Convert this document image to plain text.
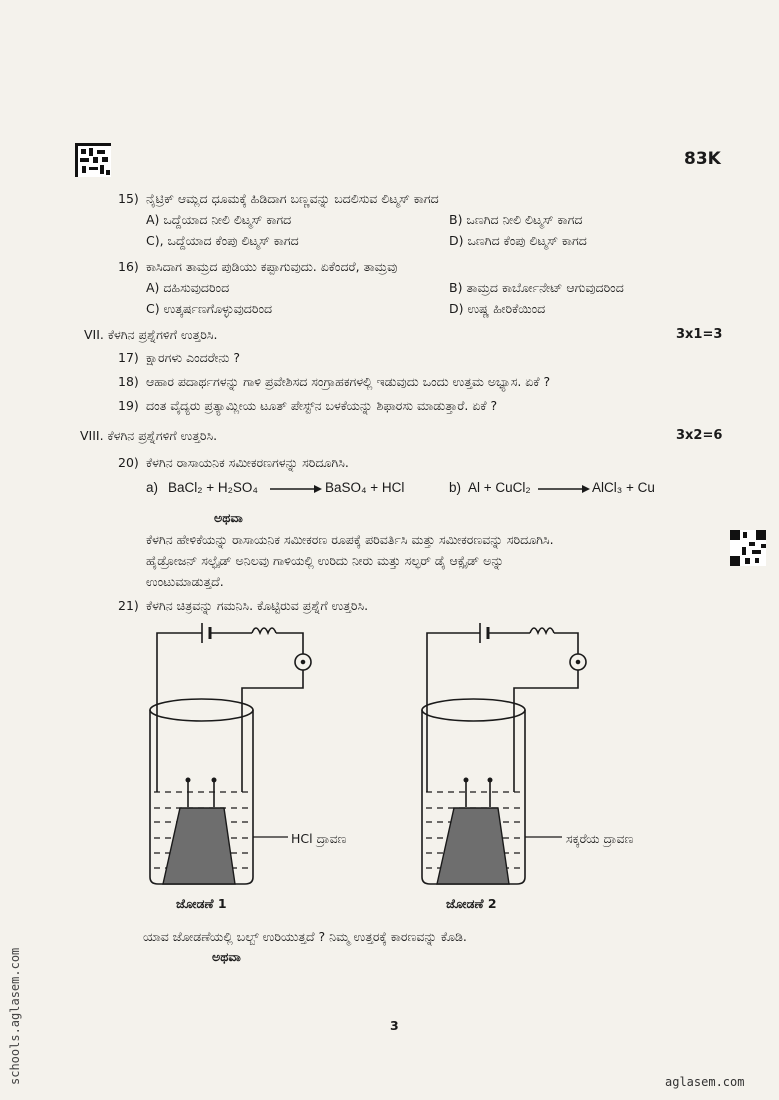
83K
15) ನೈಟ್ರಿಕ್ ಆಮ್ಲದ ಧೂಮಕ್ಕೆ ಹಿಡಿದಾಗ ಬಣ್ಣವನ್ನು ಬದಲಿಸುವ ಲಿಟ್ಮಸ್ ಕಾಗದ
A) ಒದ್ದೆಯಾದ ನೀಲಿ ಲಿಟ್ಮಸ್ ಕಾಗದ	B) ಒಣಗಿದ ನೀಲಿ ಲಿಟ್ಮಸ್ ಕಾಗದ
C), ಒದ್ದೆಯಾದ ಕೆಂಪು ಲಿಟ್ಮಸ್ ಕಾಗದ	D) ಒಣಗಿದ ಕೆಂಪು ಲಿಟ್ಮಸ್ ಕಾಗದ
16) ಕಾಸಿದಾಗ ತಾಮ್ರದ ಪುಡಿಯು ಕಪ್ಪಾಗುವುದು. ಏಕೆಂದರೆ, ತಾಮ್ರವು
A) ದಹಿಸುವುದರಿಂದ	B) ತಾಮ್ರದ ಕಾರ್ಬೋನೇಟ್ ಆಗುವುದರಿಂದ
C) ಉತ್ಕರ್ಷಣಗೊಳ್ಳುವುದರಿಂದ	D) ಉಷ್ಣ ಹೀರಿಕೆಯಿಂದ
VII. ಕೆಳಗಿನ ಪ್ರಶ್ನೆಗಳಿಗೆ ಉತ್ತರಿಸಿ.	3x1=3
17) ಕ್ಷಾರಗಳು ಎಂದರೇನು ?
18) ಆಹಾರ ಪದಾರ್ಥಗಳನ್ನು ಗಾಳಿ ಪ್ರವೇಶಿಸದ ಸಂಗ್ರಾಹಕಗಳಲ್ಲಿ ಇಡುವುದು ಒಂದು ಉತ್ತಮ ಅಭ್ಯಾಸ. ಏಕೆ ?
19) ದಂತ ವೈದ್ಯರು ಪ್ರತ್ಯಾಮ್ಲೀಯ ಟೂತ್ ಪೇಸ್ಟ್‌ನ ಬಳಕೆಯನ್ನು ಶಿಫಾರಸು ಮಾಡುತ್ತಾರೆ. ಏಕೆ ?
VIII. ಕೆಳಗಿನ ಪ್ರಶ್ನೆಗಳಿಗೆ ಉತ್ತರಿಸಿ.	3x2=6
20) ಕೆಳಗಿನ ರಾಸಾಯನಿಕ ಸಮೀಕರಣಗಳನ್ನು ಸರಿದೂಗಿಸಿ.
a) BaCl₂ + H₂SO₄ → BaSO₄ + HCl	b) Al + CuCl₂ → AlCl₃ + Cu
ಅಥವಾ
ಕೆಳಗಿನ ಹೇಳಿಕೆಯನ್ನು ರಾಸಾಯನಿಕ ಸಮೀಕರಣ ರೂಪಕ್ಕೆ ಪರಿವರ್ತಿಸಿ ಮತ್ತು ಸಮೀಕರಣವನ್ನು ಸರಿದೂಗಿಸಿ.
ಹೈಡ್ರೋಜನ್ ಸಲ್ಫೈಡ್ ಅನಿಲವು ಗಾಳಿಯಲ್ಲಿ ಉರಿದು ನೀರು ಮತ್ತು ಸಲ್ಫರ್ ಡೈ ಆಕ್ಸೈಡ್ ಅನ್ನು
ಉಂಟುಮಾಡುತ್ತದೆ.
21) ಕೆಳಗಿನ ಚಿತ್ರವನ್ನು ಗಮನಿಸಿ. ಕೊಟ್ಟಿರುವ ಪ್ರಶ್ನೆಗೆ ಉತ್ತರಿಸಿ.
HCl ದ್ರಾವಣ
ಜೋಡಣೆ 1
ಸಕ್ಕರೆಯ ದ್ರಾವಣ
ಜೋಡಣೆ 2
ಯಾವ ಜೋಡಣೆಯಲ್ಲಿ ಬಲ್ಬ್ ಉರಿಯುತ್ತದೆ ? ನಿಮ್ಮ ಉತ್ತರಕ್ಕೆ ಕಾರಣವನ್ನು ಕೊಡಿ.
ಅಥವಾ
3
aglasem.com
schools.aglasem.com
